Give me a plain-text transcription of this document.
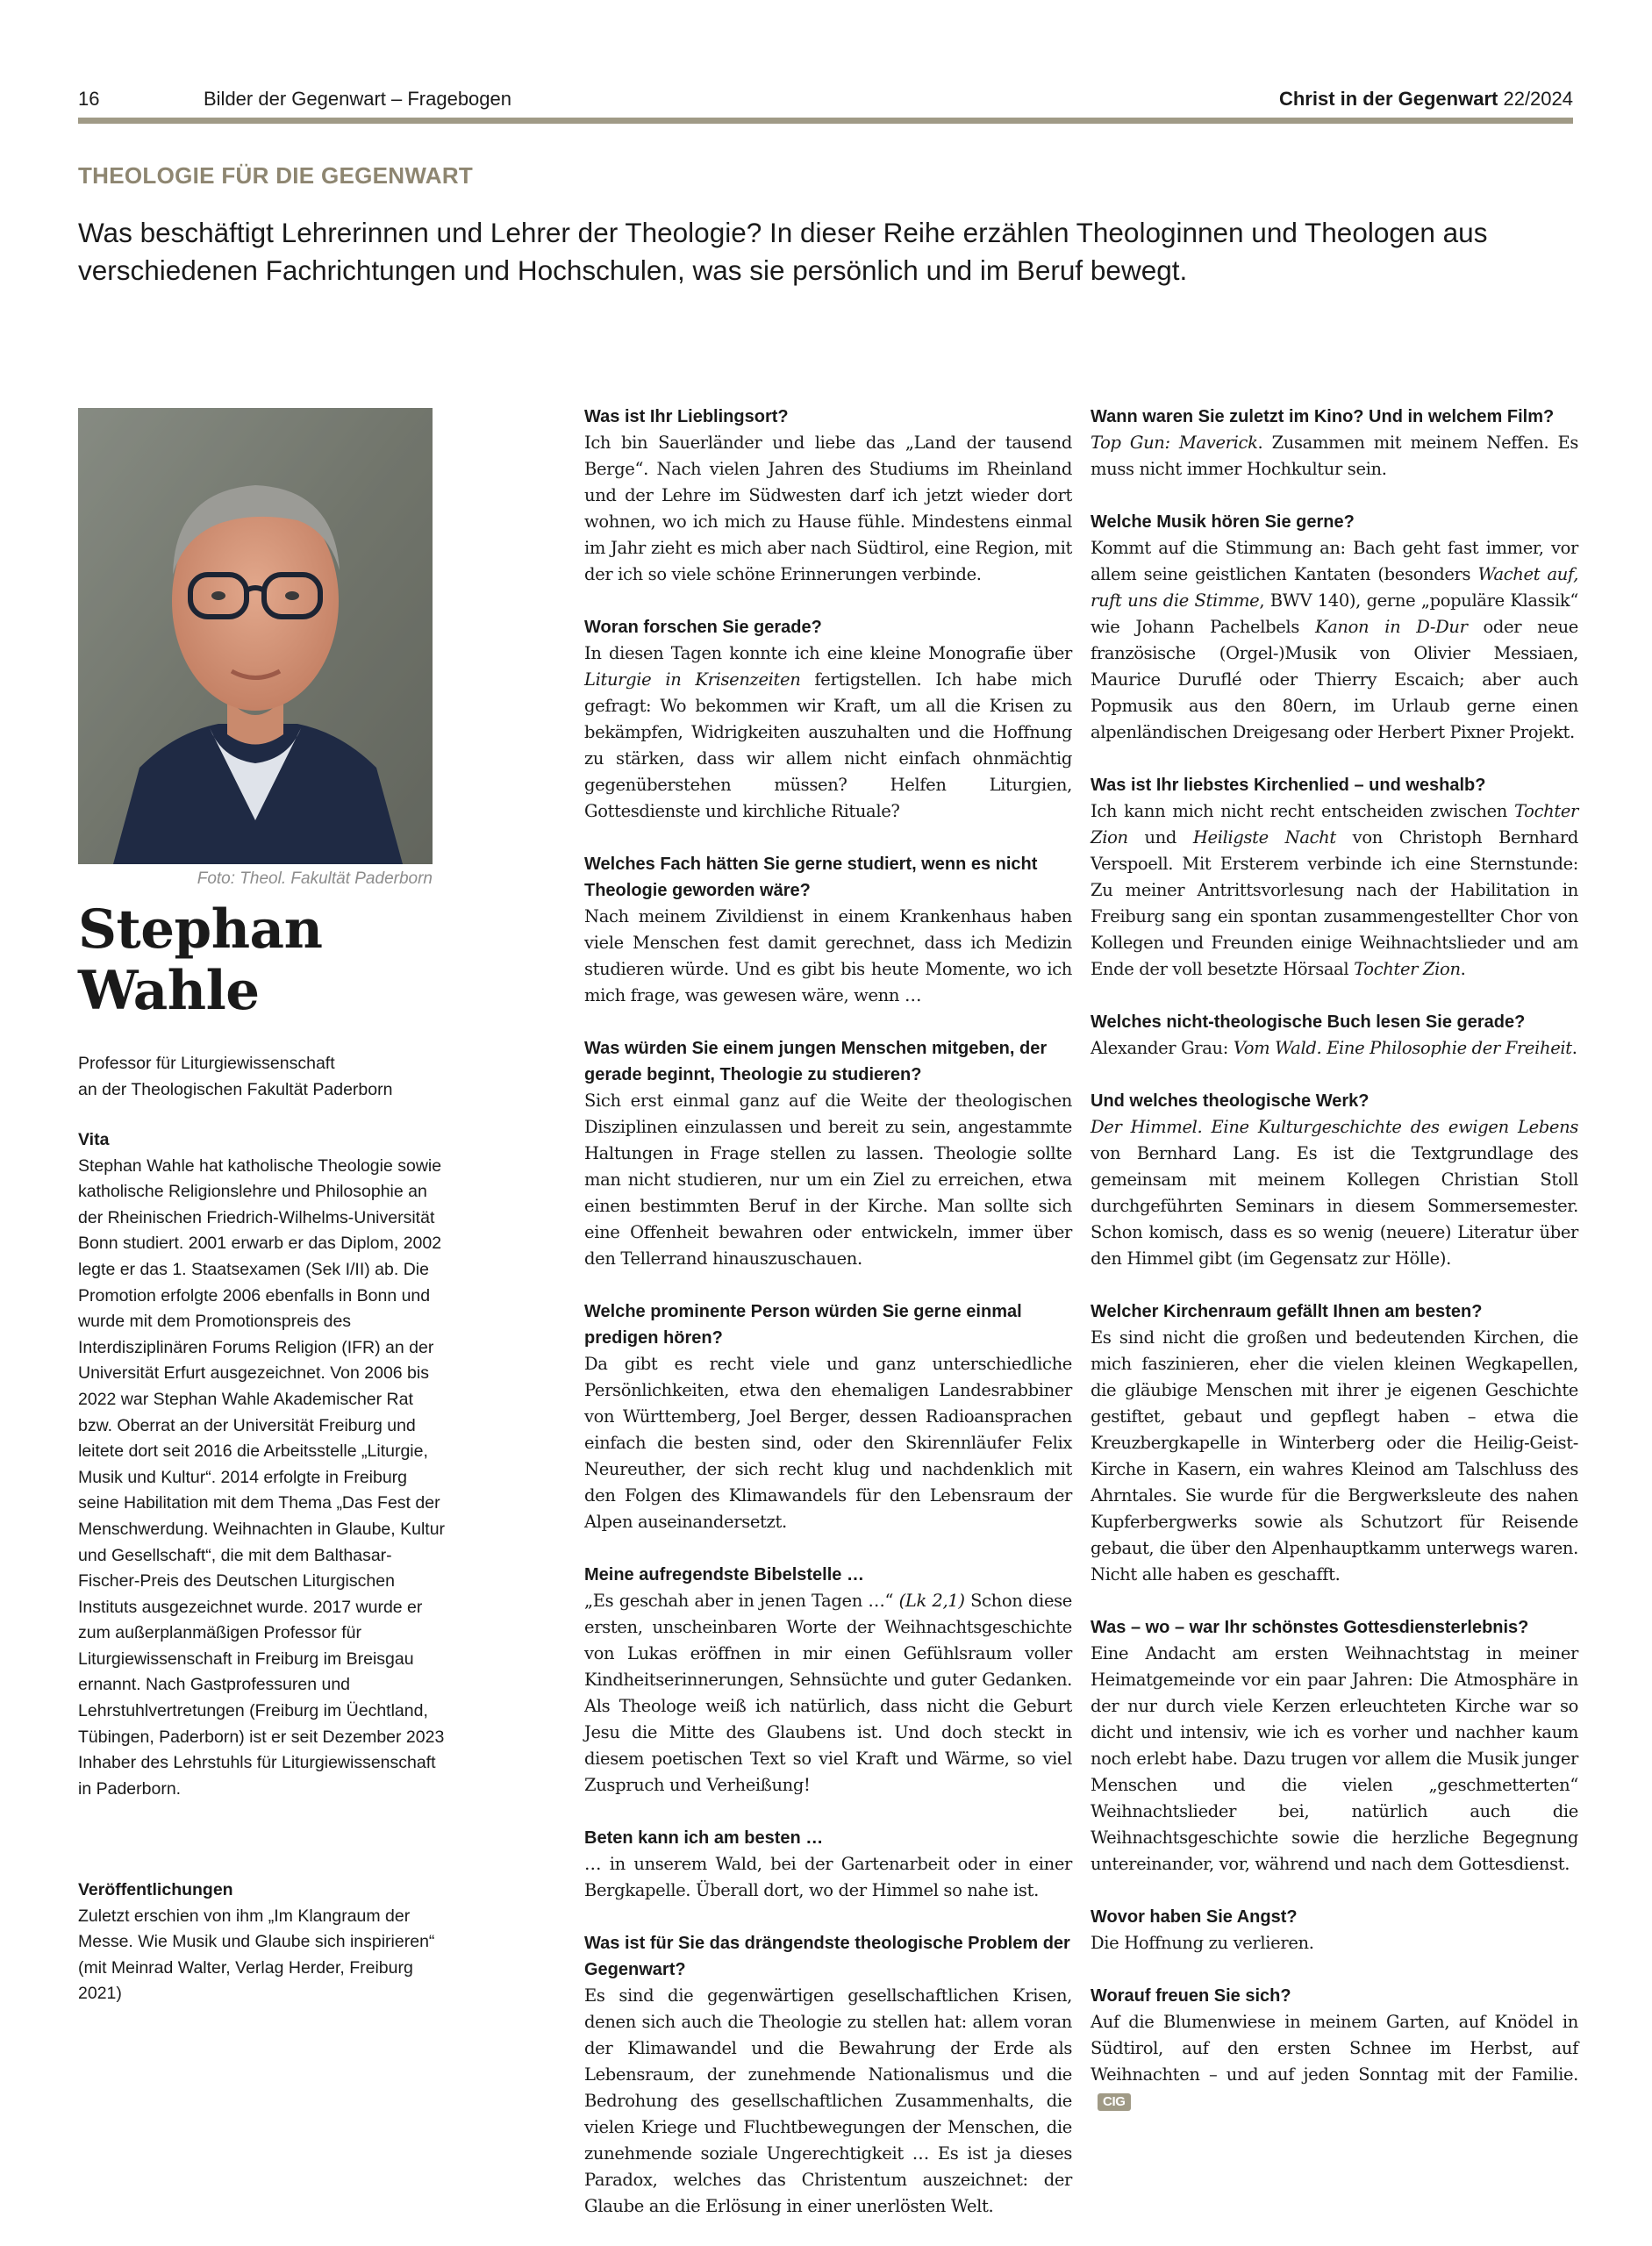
16	Bilder der Gegenwart – Fragebogen	Christ in der Gegenwart 22/2024
THEOLOGIE FÜR DIE GEGENWART
Was beschäftigt Lehrerinnen und Lehrer der Theologie? In dieser Reihe erzählen Theologinnen und Theologen aus verschiedenen Fachrichtungen und Hochschulen, was sie persönlich und im Beruf bewegt.
Foto: Theol. Fakultät Paderborn
Stephan
Wahle
Professor für Liturgiewissenschaft
an der Theologischen Fakultät Paderborn
Vita
Stephan Wahle hat katholische Theologie sowie katholische Religionslehre und Philosophie an der Rheinischen Friedrich-Wilhelms-Universität Bonn studiert. 2001 erwarb er das Diplom, 2002 legte er das 1. Staatsexamen (Sek I/II) ab. Die Promotion erfolgte 2006 ebenfalls in Bonn und wurde mit dem Promotionspreis des Interdisziplinären Forums Religion (IFR) an der Universität Erfurt ausgezeichnet. Von 2006 bis 2022 war Stephan Wahle Akademischer Rat bzw. Oberrat an der Universität Freiburg und leitete dort seit 2016 die Arbeitsstelle „Liturgie, Musik und Kultur“. 2014 erfolgte in Freiburg seine Habilitation mit dem Thema „Das Fest der Menschwerdung. Weihnachten in Glaube, Kultur und Gesellschaft“, die mit dem Balthasar-Fischer-Preis des Deutschen Liturgischen Instituts ausgezeichnet wurde. 2017 wurde er zum außerplanmäßigen Professor für Liturgiewissenschaft in Freiburg im Breisgau ernannt. Nach Gastprofessuren und Lehrstuhlvertretungen (Freiburg im Üechtland, Tübingen, Paderborn) ist er seit Dezember 2023 Inhaber des Lehrstuhls für Liturgiewissenschaft in Paderborn.
Veröffentlichungen
Zuletzt erschien von ihm „Im Klangraum der Messe. Wie Musik und Glaube sich inspirieren“ (mit Meinrad Walter, Verlag Herder, Freiburg 2021)
Was ist Ihr Lieblingsort?
Ich bin Sauerländer und liebe das „Land der tausend Berge“. Nach vielen Jahren des Studiums im Rheinland und der Lehre im Südwesten darf ich jetzt wieder dort wohnen, wo ich mich zu Hause fühle. Mindestens einmal im Jahr zieht es mich aber nach Südtirol, eine Region, mit der ich so viele schöne Erinnerungen verbinde.
Woran forschen Sie gerade?
In diesen Tagen konnte ich eine kleine Monografie über Liturgie in Krisenzeiten fertigstellen. Ich habe mich gefragt: Wo bekommen wir Kraft, um all die Krisen zu bekämpfen, Widrigkeiten auszuhalten und die Hoffnung zu stärken, dass wir allem nicht einfach ohnmächtig gegenüberstehen müssen? Helfen Liturgien, Gottesdienste und kirchliche Rituale?
Welches Fach hätten Sie gerne studiert, wenn es nicht Theologie geworden wäre?
Nach meinem Zivildienst in einem Krankenhaus haben viele Menschen fest damit gerechnet, dass ich Medizin studieren würde. Und es gibt bis heute Momente, wo ich mich frage, was gewesen wäre, wenn …
Was würden Sie einem jungen Menschen mitgeben, der gerade beginnt, Theologie zu studieren?
Sich erst einmal ganz auf die Weite der theologischen Disziplinen einzulassen und bereit zu sein, angestammte Haltungen in Frage stellen zu lassen. Theologie sollte man nicht studieren, nur um ein Ziel zu erreichen, etwa einen bestimmten Beruf in der Kirche. Man sollte sich eine Offenheit bewahren oder entwickeln, immer über den Tellerrand hinauszuschauen.
Welche prominente Person würden Sie gerne einmal predigen hören?
Da gibt es recht viele und ganz unterschiedliche Persönlichkeiten, etwa den ehemaligen Landesrabbiner von Württemberg, Joel Berger, dessen Radioansprachen einfach die besten sind, oder den Skirennläufer Felix Neureuther, der sich recht klug und nachdenklich mit den Folgen des Klimawandels für den Lebensraum der Alpen auseinandersetzt.
Meine aufregendste Bibelstelle …
„Es geschah aber in jenen Tagen …“ (Lk 2,1) Schon diese ersten, unscheinbaren Worte der Weihnachtsgeschichte von Lukas eröffnen in mir einen Gefühlsraum voller Kindheitserinnerungen, Sehnsüchte und guter Gedanken. Als Theologe weiß ich natürlich, dass nicht die Geburt Jesu die Mitte des Glaubens ist. Und doch steckt in diesem poetischen Text so viel Kraft und Wärme, so viel Zuspruch und Verheißung!
Beten kann ich am besten …
… in unserem Wald, bei der Gartenarbeit oder in einer Bergkapelle. Überall dort, wo der Himmel so nahe ist.
Was ist für Sie das drängendste theologische Problem der Gegenwart?
Es sind die gegenwärtigen gesellschaftlichen Krisen, denen sich auch die Theologie zu stellen hat: allem voran der Klimawandel und die Bewahrung der Erde als Lebensraum, der zunehmende Nationalismus und die Bedrohung des gesellschaftlichen Zusammenhalts, die vielen Kriege und Fluchtbewegungen der Menschen, die zunehmende soziale Ungerechtigkeit … Es ist ja dieses Paradox, welches das Christentum auszeichnet: der Glaube an die Erlösung in einer unerlösten Welt.
Wann waren Sie zuletzt im Kino? Und in welchem Film?
Top Gun: Maverick. Zusammen mit meinem Neffen. Es muss nicht immer Hochkultur sein.
Welche Musik hören Sie gerne?
Kommt auf die Stimmung an: Bach geht fast immer, vor allem seine geistlichen Kantaten (besonders Wachet auf, ruft uns die Stimme, BWV 140), gerne „populäre Klassik“ wie Johann Pachelbels Kanon in D-Dur oder neue französische (Orgel-)Musik von Olivier Messiaen, Maurice Duruflé oder Thierry Escaich; aber auch Popmusik aus den 80ern, im Urlaub gerne einen alpenländischen Dreigesang oder Herbert Pixner Projekt.
Was ist Ihr liebstes Kirchenlied – und weshalb?
Ich kann mich nicht recht entscheiden zwischen Tochter Zion und Heiligste Nacht von Christoph Bernhard Verspoell. Mit Ersterem verbinde ich eine Sternstunde: Zu meiner Antrittsvorlesung nach der Habilitation in Freiburg sang ein spontan zusammengestellter Chor von Kollegen und Freunden einige Weihnachtslieder und am Ende der voll besetzte Hörsaal Tochter Zion.
Welches nicht-theologische Buch lesen Sie gerade?
Alexander Grau: Vom Wald. Eine Philosophie der Freiheit.
Und welches theologische Werk?
Der Himmel. Eine Kulturgeschichte des ewigen Lebens von Bernhard Lang. Es ist die Textgrundlage des gemeinsam mit meinem Kollegen Christian Stoll durchgeführten Seminars in diesem Sommersemester. Schon komisch, dass es so wenig (neuere) Literatur über den Himmel gibt (im Gegensatz zur Hölle).
Welcher Kirchenraum gefällt Ihnen am besten?
Es sind nicht die großen und bedeutenden Kirchen, die mich faszinieren, eher die vielen kleinen Wegkapellen, die gläubige Menschen mit ihrer je eigenen Geschichte gestiftet, gebaut und gepflegt haben – etwa die Kreuzbergkapelle in Winterberg oder die Heilig-Geist-Kirche in Kasern, ein wahres Kleinod am Talschluss des Ahrntales. Sie wurde für die Bergwerksleute des nahen Kupferbergwerks sowie als Schutzort für Reisende gebaut, die über den Alpenhauptkamm unterwegs waren. Nicht alle haben es geschafft.
Was – wo – war Ihr schönstes Gottesdiensterlebnis?
Eine Andacht am ersten Weihnachtstag in meiner Heimatgemeinde vor ein paar Jahren: Die Atmosphäre in der nur durch viele Kerzen erleuchteten Kirche war so dicht und intensiv, wie ich es vorher und nachher kaum noch erlebt habe. Dazu trugen vor allem die Musik junger Menschen und die vielen „geschmetterten“ Weihnachtslieder bei, natürlich auch die Weihnachtsgeschichte sowie die herzliche Begegnung untereinander, vor, während und nach dem Gottesdienst.
Wovor haben Sie Angst?
Die Hoffnung zu verlieren.
Worauf freuen Sie sich?
Auf die Blumenwiese in meinem Garten, auf Knödel in Südtirol, auf den ersten Schnee im Herbst, auf Weihnachten – und auf jeden Sonntag mit der Familie.CIG
